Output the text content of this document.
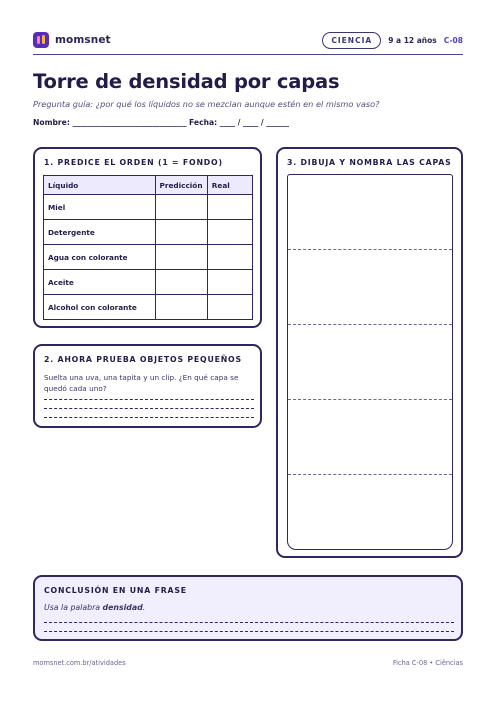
momsnet	CIENCIA	9 a 12 años C-08
Torre de densidad por capas
Pregunta guía: ¿por qué los líquidos no se mezclan aunque estén en el mismo vaso?
Nombre: ______________________________ Fecha: ____ / ____ / ______
1. PREDICE EL ORDEN (1 = FONDO)
Líquido	Predicción	Real
Miel		
Detergente		
Agua con colorante		
Aceite		
Alcohol con colorante		
2. AHORA PRUEBA OBJETOS PEQUEÑOS
Suelta una uva, una tapita y un clip. ¿En qué capa se quedó cada uno?
3. DIBUJA Y NOMBRA LAS CAPAS
CONCLUSIÓN EN UNA FRASE
Usa la palabra densidad.
momsnet.com.br/atividades	Ficha C-08 • Ciências
